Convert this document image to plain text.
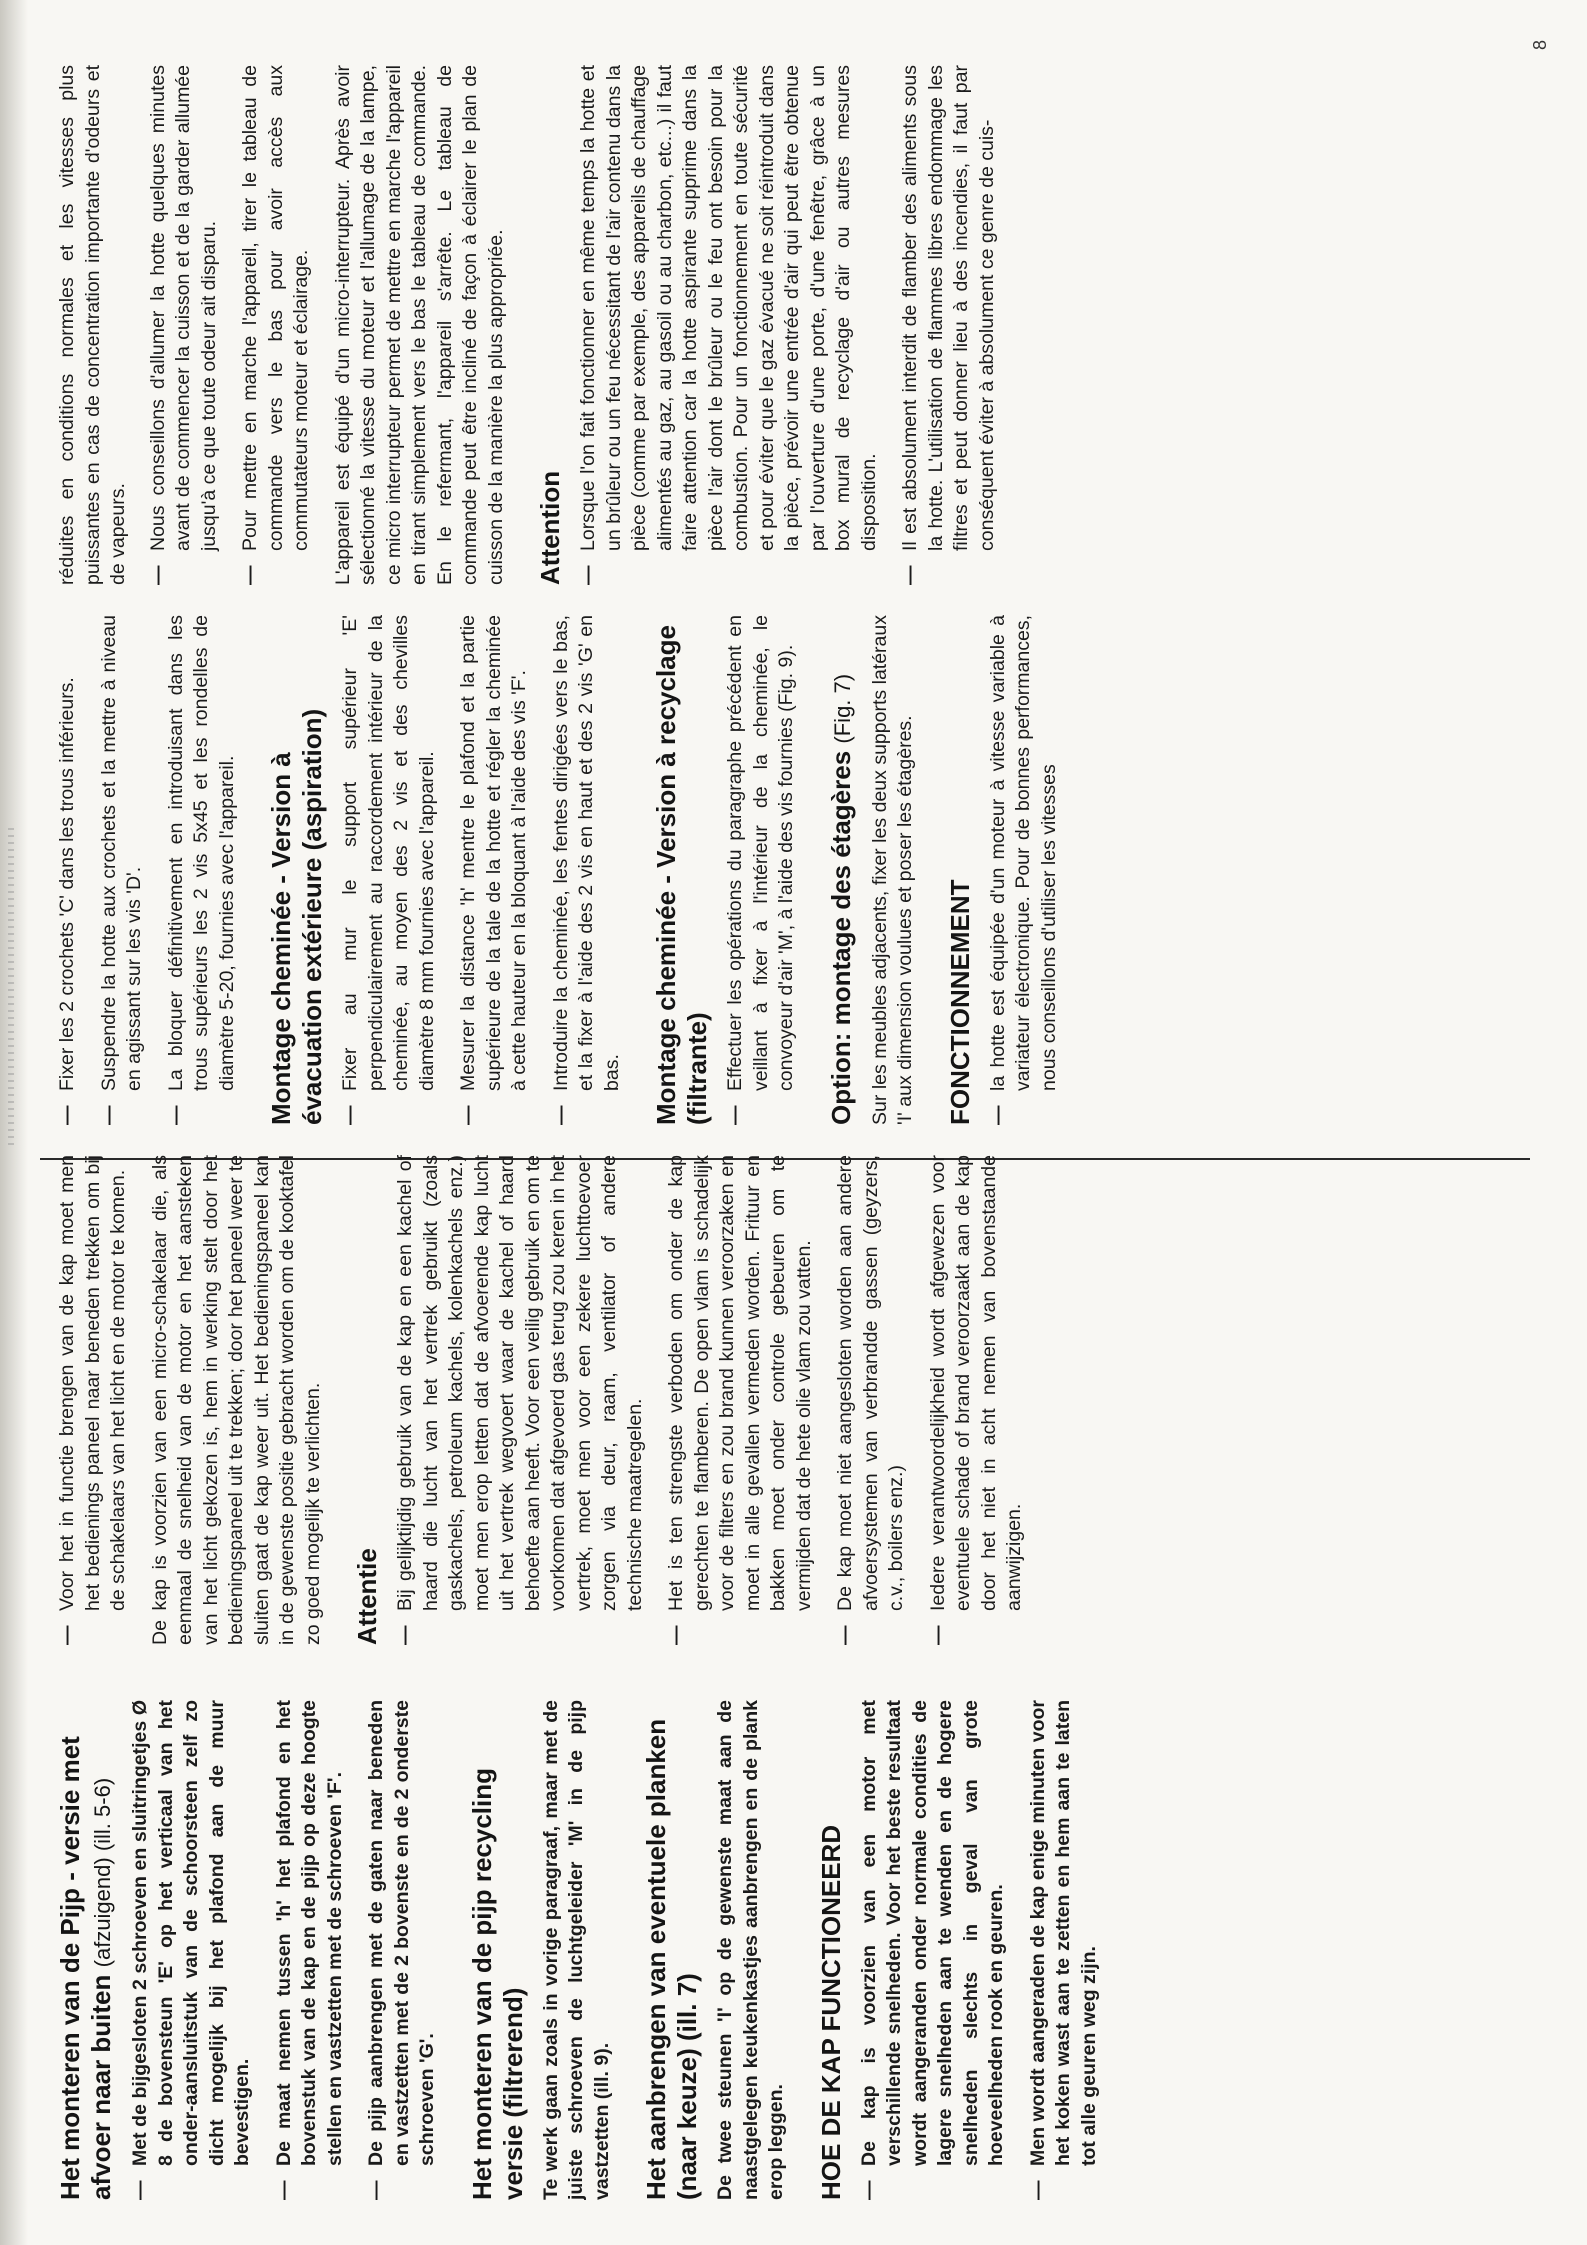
Het monteren van de Pijp - versie met afvoer naar buiten (afzuigend) (ill. 5-6)
—
Met de bijgesloten 2 schroeven en sluitringetjes Ø 8 de bovensteun 'E' op het verticaal van het onder-aansluitstuk van de schoorsteen zelf zo dicht mogelijk bij het plafond aan de muur bevestigen.
—
De maat nemen tussen 'h' het plafond en het bovenstuk van de kap en de pijp op deze hoogte stellen en vastzetten met de schroeven 'F'.
—
De pijp aanbrengen met de gaten naar beneden en vastzetten met de 2 bovenste en de 2 onderste schroeven 'G'. Het monteren van de pijp recycling versie (filtrerend) Te werk gaan zoals in vorige paragraaf, maar met de juiste schroeven de luchtgeleider 'M' in de pijp vastzetten (ill. 9). Het aanbrengen van eventuele planken (naar keuze) (ill. 7) De twee steunen 'I' op de gewenste maat aan de naastgelegen keukenkastjes aanbrengen en de plank erop leggen. HOE DE KAP FUNCTIONEERD —
De kap is voorzien van een motor met verschillende snelheden. Voor het beste resultaat wordt aangeranden onder normale condities de lagere snelheden aan te wenden en de hogere snelheden slechts in geval van grote hoeveelheden rook en geuren.
—
Men wordt aangeraden de kap enige minuten voor het koken wast aan te zetten en hem aan te laten tot alle geuren weg zijn.
—
Voor het in functie brengen van de kap moet men het bedienings paneel naar beneden trekken om bij de schakelaars van het licht en de motor te komen. De kap is voorzien van een micro-schakelaar die, als eenmaal de snelheid van de motor en het aansteken van het licht gekozen is, hem in werking stelt door het bedieningspaneel uit te trekken; door het paneel weer te sluiten gaat de kap weer uit. Het bedieningspaneel kan in de gewenste positie gebracht worden om de kooktafel zo goed mogelijk te verlichten. Attentie —
Bij gelijktijdig gebruik van de kap en een kachel of haard die lucht van het vertrek gebruikt (zoals gaskachels, petroleum kachels, kolenkachels enz.) moet men erop letten dat de afvoerende kap lucht uit het vertrek wegvoert waar de kachel of haard behoefte aan heeft. Voor een veilig gebruik en om te voorkomen dat afgevoerd gas terug zou keren in het vertrek, moet men voor een zekere luchttoevoer zorgen via deur, raam, ventilator of andere technische maatregelen.
—
Het is ten strengste verboden om onder de kap gerechten te flamberen. De open vlam is schadelijk voor de filters en zou brand kunnen veroorzaken en moet in alle gevallen vermeden worden. Frituur en bakken moet onder controle gebeuren om te vermijden dat de hete olie vlam zou vatten.
—
De kap moet niet aangesloten worden aan andere afvoersystemen van verbrandde gassen (geyzers, c.v., boilers enz.)
—
Iedere verantwoordelijkheid wordt afgewezen voor eventuele schade of brand veroorzaakt aan de kap door het niet in acht nemen van bovenstaande aanwijzigen.
—
Fixer les 2 crochets 'C' dans les trous inférieurs.
—
Suspendre la hotte aux crochets et la mettre à niveau en agissant sur les vis 'D'.
—
La bloquer définitivement en introduisant dans les trous supérieurs les 2 vis 5x45 et les rondelles de diamètre 5-20, fournies avec l'appareil. Montage cheminée - Version à évacuation extérieure (aspiration) —
Fixer au mur le support supérieur 'E' perpendiculairement au raccordement intérieur de la cheminée, au moyen des 2 vis et des chevilles diamètre 8 mm fournies avec l'appareil.
—
Mesurer la distance 'h' mentre le plafond et la partie supérieure de la tale de la hotte et régler la cheminée à cette hauteur en la bloquant à l'aide des vis 'F'.
—
Introduire la cheminée, les fentes dirigées vers le bas, et la fixer à l'aide des 2 vis en haut et des 2 vis 'G' en bas. Montage cheminée - Version à recyclage (filtrante) —
Effectuer les opérations du paragraphe précédent en veillant à fixer à l'intérieur de la cheminée, le convoyeur d'air 'M', à l'aide des vis fournies (Fig. 9). Option: montage des étagères (Fig. 7) Sur les meubles adjacents, fixer les deux supports latéraux 'I' aux dimension voulues et poser les étagères. FONCTIONNEMENT —
la hotte est équipée d'un moteur à vitesse variable à variateur électronique. Pour de bonnes performances, nous conseillons d'utiliser les vitesses
8
réduites en conditions normales et les vitesses plus puissantes en cas de concentration importante d'odeurs et de vapeurs. —
Nous conseillons d'allumer la hotte quelques minutes avant de commencer la cuisson et de la garder allumée jusqu'à ce que toute odeur ait disparu.
—
Pour mettre en marche l'appareil, tirer le tableau de commande vers le bas pour avoir accès aux commutateurs moteur et éclairage. L'appareil est équipé d'un micro-interrupteur. Après avoir sélectionné la vitesse du moteur et l'allumage de la lampe, ce micro interrupteur permet de mettre en marche l'appareil en tirant simplement vers le bas le tableau de commande. En le refermant, l'appareil s'arrête. Le tableau de commande peut être incliné de façon à éclairer le plan de cuisson de la manière la plus appropriée. Attention —
Lorsque l'on fait fonctionner en même temps la hotte et un brûleur ou un feu nécessitant de l'air contenu dans la pièce (comme par exemple, des appareils de chauffage alimentés au gaz, au gasoil ou au charbon, etc...) il faut faire attention car la hotte aspirante supprime dans la pièce l'air dont le brûleur ou le feu ont besoin pour la combustion. Pour un fonctionnement en toute sécurité et pour éviter que le gaz évacué ne soit réintroduit dans la pièce, prévoir une entrée d'air qui peut être obtenue par l'ouverture d'une porte, d'une fenêtre, grâce à un box mural de recyclage d'air ou autres mesures disposition.
—
Il est absolument interdit de flamber des aliments sous la hotte. L'utilisation de flammes libres endommage les filtres et peut donner lieu à des incendies, il faut par conséquent éviter à absolument ce genre de cuis-
